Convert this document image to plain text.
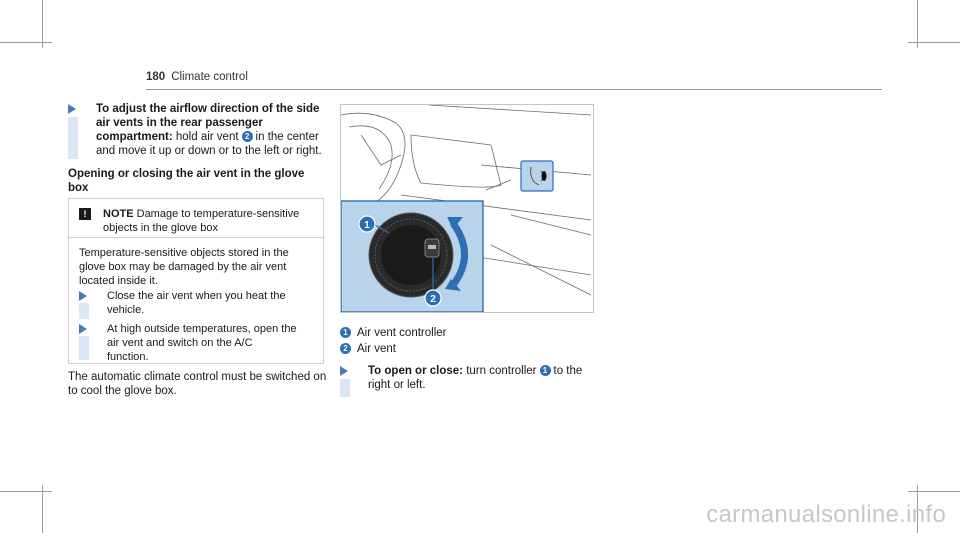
180 Climate control
To adjust the airflow direction of the side air vents in the rear passenger compartment: hold air vent 2 in the center and move it up or down or to the left or right.
Opening or closing the air vent in the glove box
!	NOTE Damage to temperature-sensitive objects in the glove box
Temperature-sensitive objects stored in the glove box may be damaged by the air vent located inside it.
Close the air vent when you heat the vehicle.
At high outside temperatures, open the air vent and switch on the A/C function.
The automatic climate control must be switched on to cool the glove box.
1
2
1 Air vent controller
2 Air vent
To open or close: turn controller 1 to the right or left.
carmanualsonline.info
